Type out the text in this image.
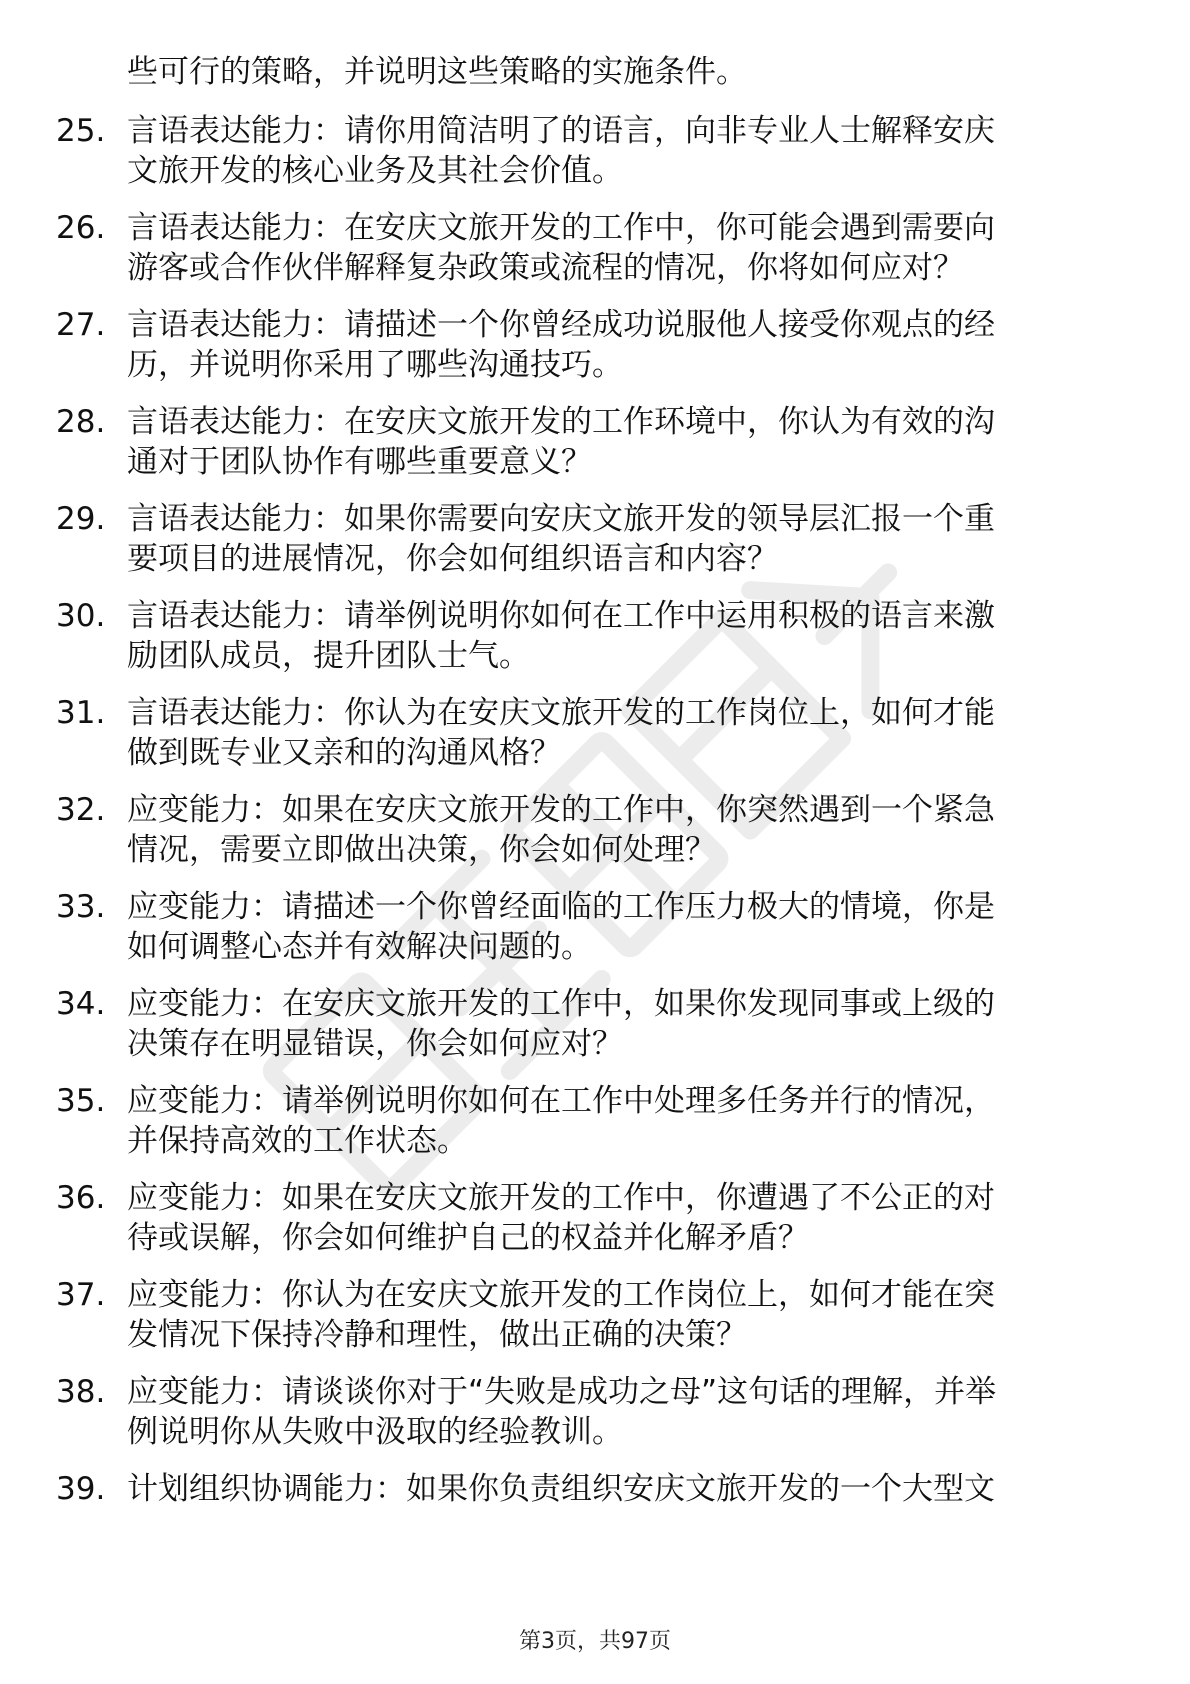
些可行的策略，并说明这些策略的实施条件。
25. 言语表达能力：请你用简洁明了的语言，向非专业人士解释安庆
文旅开发的核心业务及其社会价值。
26. 言语表达能力：在安庆文旅开发的工作中，你可能会遇到需要向
游客或合作伙伴解释复杂政策或流程的情况，你将如何应对？
27. 言语表达能力：请描述一个你曾经成功说服他人接受你观点的经
历，并说明你采用了哪些沟通技巧。
28. 言语表达能力：在安庆文旅开发的工作环境中，你认为有效的沟
通对于团队协作有哪些重要意义？
29. 言语表达能力：如果你需要向安庆文旅开发的领导层汇报一个重
要项目的进展情况，你会如何组织语言和内容？
30. 言语表达能力：请举例说明你如何在工作中运用积极的语言来激
励团队成员，提升团队士气。
31. 言语表达能力：你认为在安庆文旅开发的工作岗位上，如何才能
做到既专业又亲和的沟通风格？
32. 应变能力：如果在安庆文旅开发的工作中，你突然遇到一个紧急
情况，需要立即做出决策，你会如何处理？
33. 应变能力：请描述一个你曾经面临的工作压力极大的情境，你是
如何调整心态并有效解决问题的。
34. 应变能力：在安庆文旅开发的工作中，如果你发现同事或上级的
决策存在明显错误，你会如何应对？
35. 应变能力：请举例说明你如何在工作中处理多任务并行的情况，
并保持高效的工作状态。
36. 应变能力：如果在安庆文旅开发的工作中，你遭遇了不公正的对
待或误解，你会如何维护自己的权益并化解矛盾？
37. 应变能力：你认为在安庆文旅开发的工作岗位上，如何才能在突
发情况下保持冷静和理性，做出正确的决策？
38. 应变能力：请谈谈你对于“失败是成功之母”这句话的理解，并举
例说明你从失败中汲取的经验教训。
39. 计划组织协调能力：如果你负责组织安庆文旅开发的一个大型文
第3页，共97页
